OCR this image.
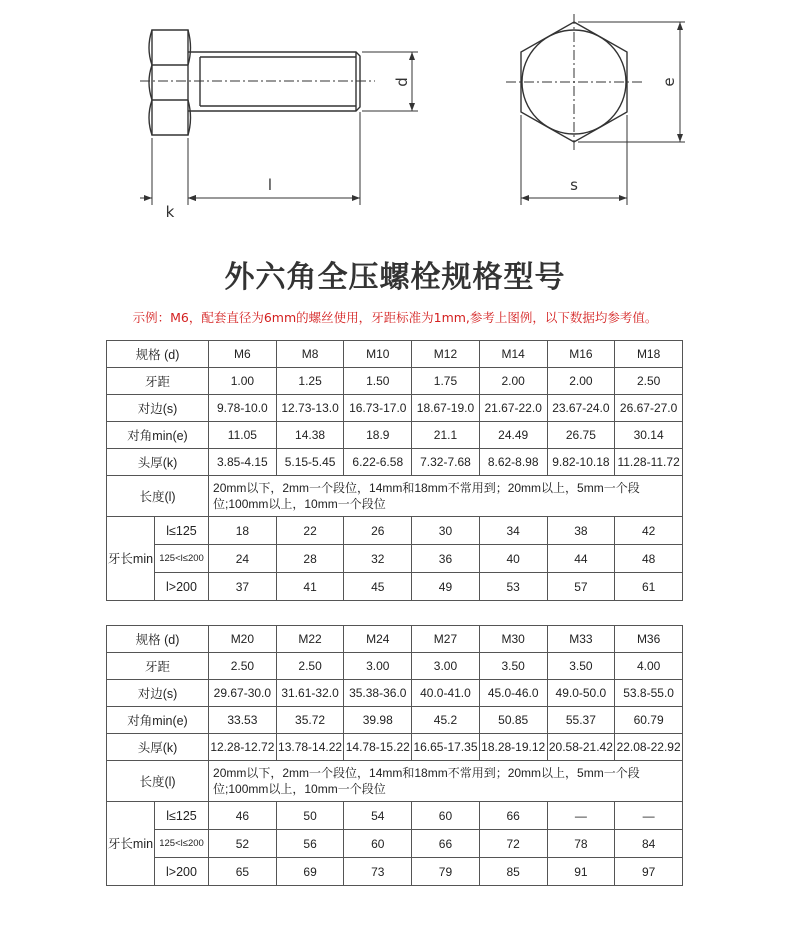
d
l
k
s
e
外六角全压螺栓规格型号
示例：M6，配套直径为6mm的螺丝使用，牙距标准为1mm,参考上图例，以下数据均参考值。
规格 (d)		M6	M8	M10	M12	M14	M16	M18
牙距		1.00	1.25	1.50	1.75	2.00	2.00	2.50
对边(s)		9.78-10.0	12.73-13.0	16.73-17.0	18.67-19.0	21.67-22.0	23.67-24.0	26.67-27.0
对角min(e)		11.05	14.38	18.9	21.1	24.49	26.75	30.14
头厚(k)		3.85-4.15	5.15-5.45	6.22-6.58	7.32-7.68	8.62-8.98	9.82-10.18	11.28-11.72
长度(l)		20mm以下，2mm一个段位，14mm和18mm不常用到；20mm以上，5mm一个段位;100mm以上，10mm一个段位						
牙长min	l≤125	18	22	26	30	34	38	42
	125<l≤200	24	28	32	36	40	44	48
	l>200	37	41	45	49	53	57	61
规格 (d)		M20	M22	M24	M27	M30	M33	M36
牙距		2.50	2.50	3.00	3.00	3.50	3.50	4.00
对边(s)		29.67-30.0	31.61-32.0	35.38-36.0	40.0-41.0	45.0-46.0	49.0-50.0	53.8-55.0
对角min(e)		33.53	35.72	39.98	45.2	50.85	55.37	60.79
头厚(k)		12.28-12.72	13.78-14.22	14.78-15.22	16.65-17.35	18.28-19.12	20.58-21.42	22.08-22.92
长度(l)		20mm以下，2mm一个段位，14mm和18mm不常用到；20mm以上，5mm一个段位;100mm以上，10mm一个段位						
牙长min	l≤125	46	50	54	60	66	—	—
	125<l≤200	52	56	60	66	72	78	84
	l>200	65	69	73	79	85	91	97
